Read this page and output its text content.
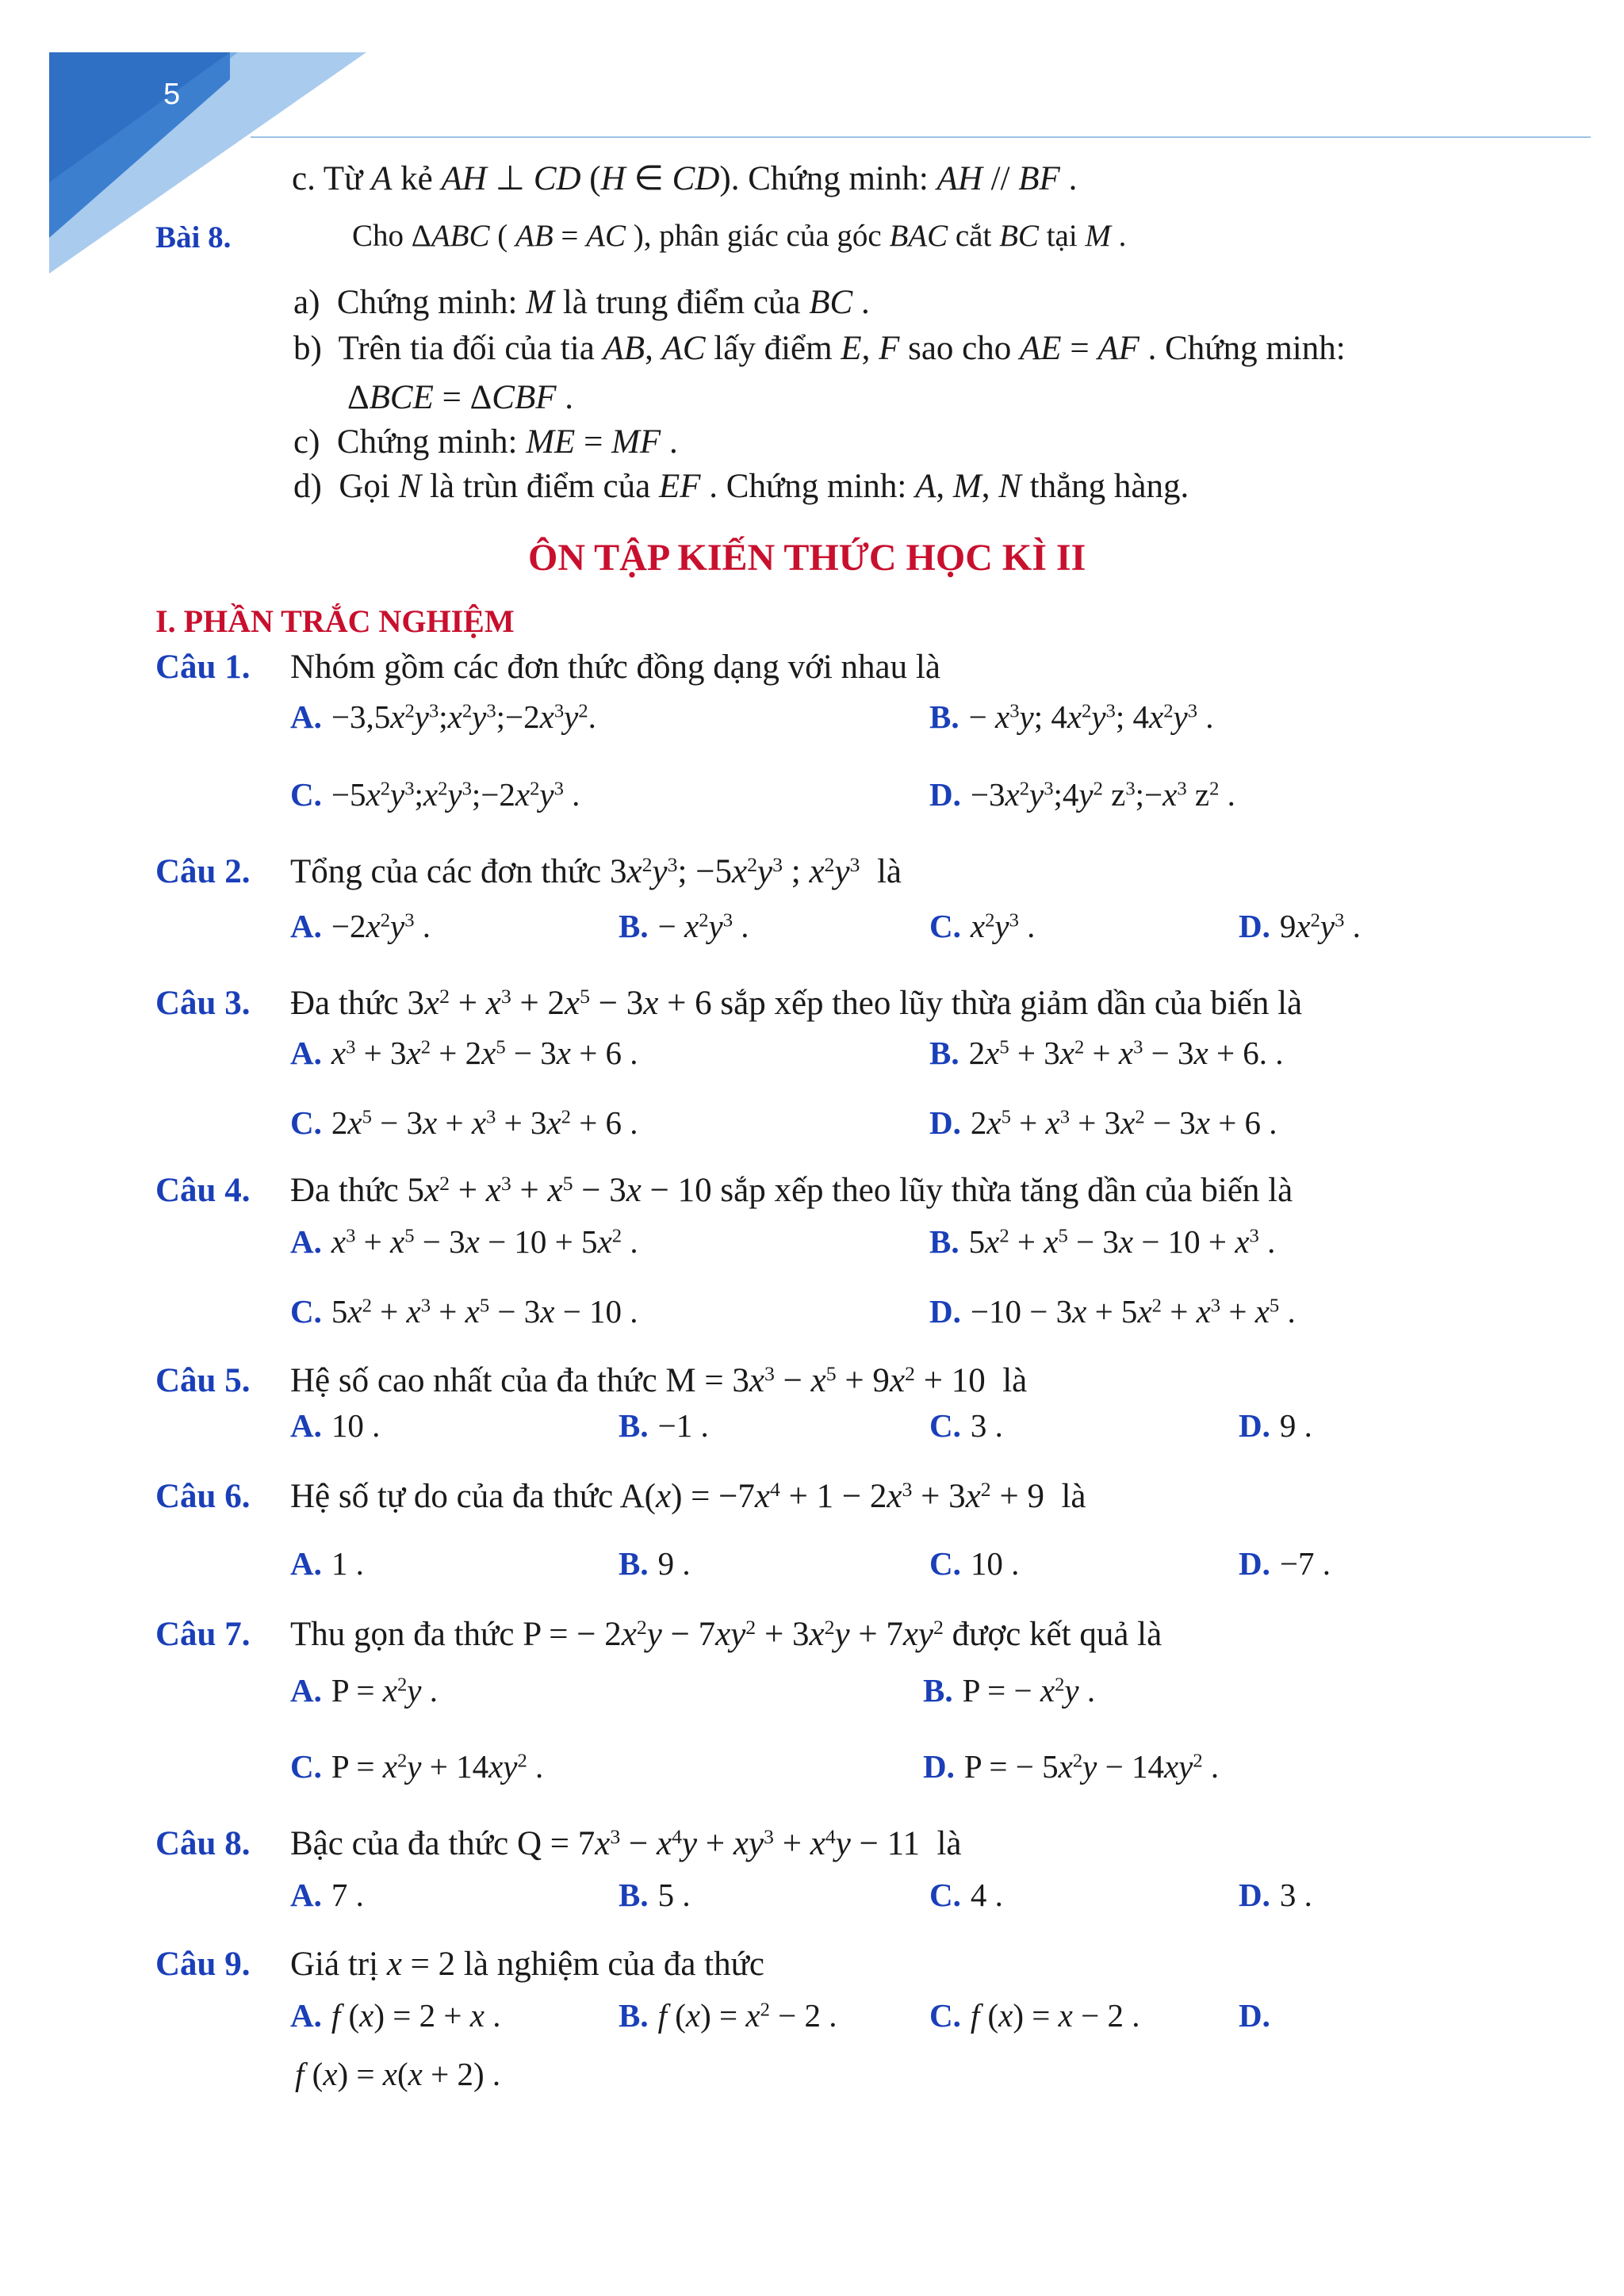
5
c. Từ A kẻ AH ⊥ CD (H ∈ CD). Chứng minh: AH // BF .
Bài 8.	Cho ΔABC ( AB = AC ), phân giác của góc BAC cắt BC tại M .
a)  Chứng minh: M là trung điểm của BC .
b)  Trên tia đối của tia AB, AC lấy điểm E, F sao cho AE = AF . Chứng minh:
ΔBCE = ΔCBF .
c)  Chứng minh: ME = MF .
d)  Gọi N là trùn điểm của EF . Chứng minh: A, M, N thẳng hàng.
ÔN TẬP KIẾN THỨC HỌC KÌ II
I. PHẦN TRẮC NGHIỆM
Câu 1. Nhóm gồm các đơn thức đồng dạng với nhau là
A. $-3,5x^2y^3;x^2y^3;-2x^3y^2$.	B. − $x^3y$; $4x^2y^3$; $4x^2y^3$ .
C. $-5x^2y^3;x^2y^3;-2x^2y^3$ .	D. $-3x^2y^3;4y^2$ $z^3;-x^3$ $z^2$ .
Câu 2. Tổng của các đơn thức $3x^2y^3$; $-5x^2y^3$ ; $x^2y^3$  là
A. $-2x^2y^3$ .	B. − $x^2y^3$ .	C. $x^2y^3$ .	D. $9x^2y^3$ .
Câu 3. Đa thức $3x^2 + x^3 + 2x^5 - 3x + 6$ sắp xếp theo lũy thừa giảm dần của biến là
A. $x^3 + 3x^2 + 2x^5 - 3x + 6$ .	B. $2x^5 + 3x^2 + x^3 - 3x + 6$. .
C. $2x^5 - 3x + x^3 + 3x^2 + 6$ .	D. $2x^5 + x^3 + 3x^2 - 3x + 6$ .
Câu 4. Đa thức $5x^2 + x^3 + x^5 - 3x - 10$ sắp xếp theo lũy thừa tăng dần của biến là
A. $x^3 + x^5 - 3x - 10 + 5x^2$ .	B. $5x^2 + x^5 - 3x - 10 + x^3$ .
C. $5x^2 + x^3 + x^5 - 3x - 10$ .	D. $-10 - 3x + 5x^2 + x^3 + x^5$ .
Câu 5. Hệ số cao nhất của đa thức $M = 3x^3 - x^5 + 9x^2 + 10$  là
A. 10 .	B. −1 .	C. 3 .	D. 9 .
Câu 6. Hệ số tự do của đa thức $A(x) = -7x^4 + 1 - 2x^3 + 3x^2 + 9$  là
A. 1 .	B. 9 .	C. 10 .	D. −7 .
Câu 7. Thu gọn đa thức P = − $2x^2y - 7xy^2 + 3x^2y + 7xy^2$ được kết quả là
A. $P = x^2y$ .	B. P = − $x^2y$ .
C. $P = x^2y + 14xy^2$ .	D. P = − $5x^2y - 14xy^2$ .
Câu 8. Bậc của đa thức $Q = 7x^3 - x^4y + xy^3 + x^4y - 11$  là
A. 7 .	B. 5 .	C. 4 .	D. 3 .
Câu 9. Giá trị x = 2 là nghiệm của đa thức
A. f (x) = 2 + x .	B. f $(x) = x^2 - 2$ .	C. f (x) = x − 2 .	D.
f (x) = x(x + 2) .
